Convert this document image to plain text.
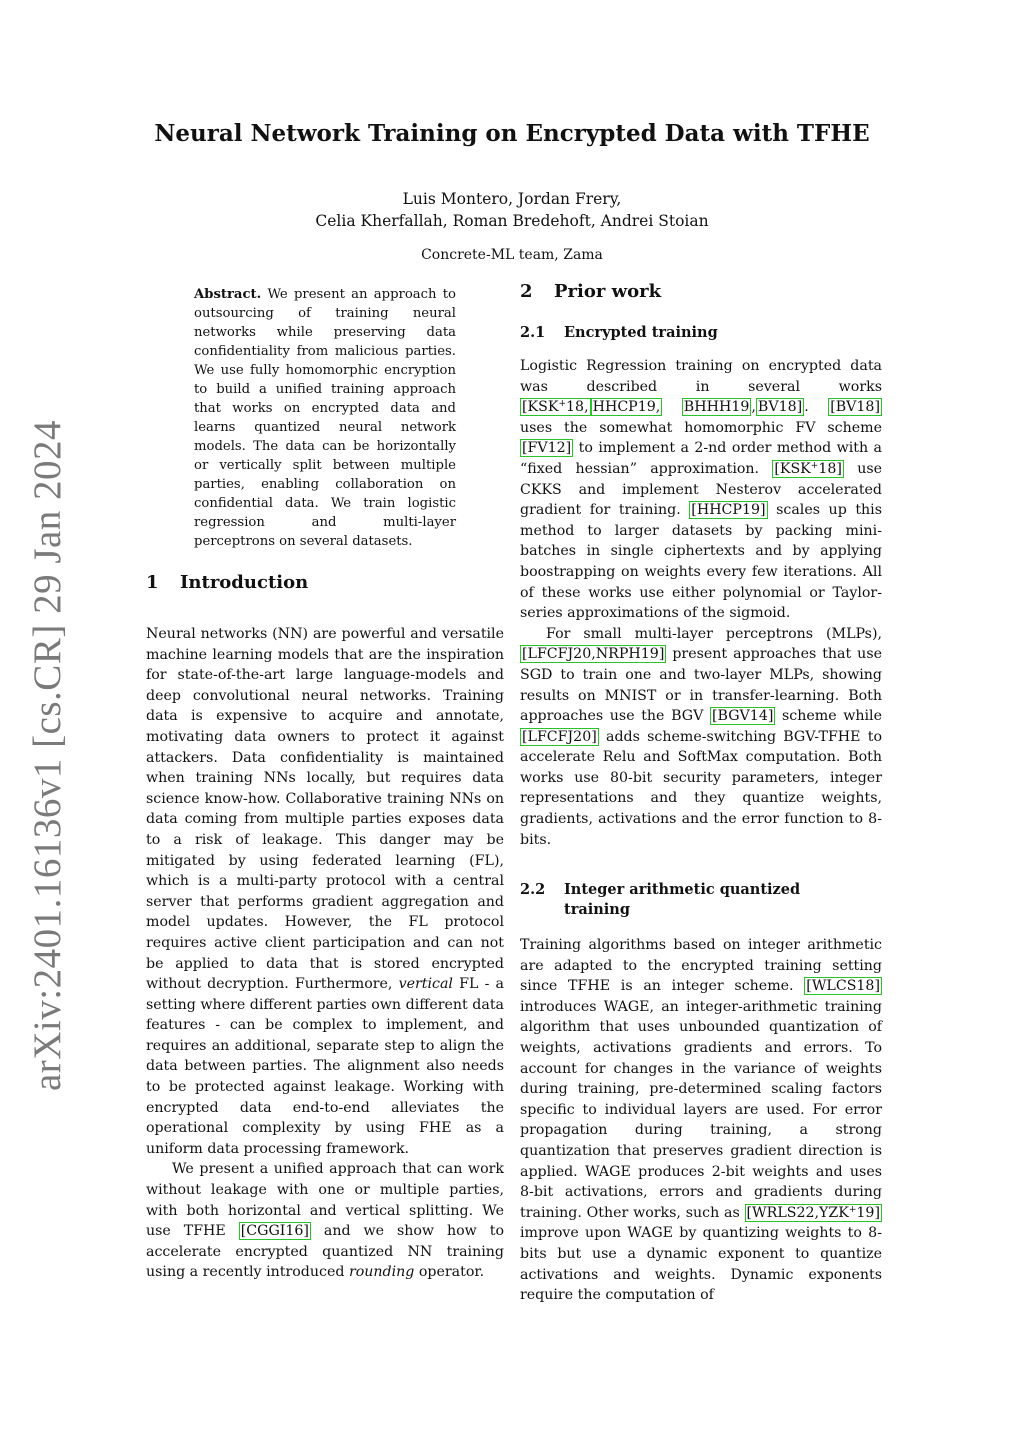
arXiv:2401.16136v1 [cs.CR] 29 Jan 2024
Neural Network Training on Encrypted Data with TFHE
Luis Montero, Jordan Frery,
Celia Kherfallah, Roman Bredehoft, Andrei Stoian
Concrete-ML team, Zama
Abstract. We present an approach to outsourcing of training neural networks while preserving data confidentiality from malicious parties. We use fully homomorphic encryption to build a unified training approach that works on encrypted data and learns quantized neural network models. The data can be horizontally or vertically split between multiple parties, enabling collaboration on confidential data. We train logistic regression and multi-layer perceptrons on several datasets.
1 Introduction

Neural networks (NN) are powerful and versatile machine learning models that are the inspiration for state-of-the-art large language-models and deep convolutional neural networks. Training data is expensive to acquire and annotate, motivating data owners to protect it against attackers. Data confidentiality is maintained when training NNs locally, but requires data science know-how. Collaborative training NNs on data coming from multiple parties exposes data to a risk of leakage. This danger may be mitigated by using federated learning (FL), which is a multi-party protocol with a central server that performs gradient aggregation and model updates. However, the FL protocol requires active client participation and can not be applied to data that is stored encrypted without decryption. Furthermore, vertical FL - a setting where different parties own different data features - can be complex to implement, and requires an additional, separate step to align the data between parties. The alignment also needs to be protected against leakage. Working with encrypted data end-to-end alleviates the operational complexity by using FHE as a uniform data processing framework.

We present a unified approach that can work without leakage with one or multiple parties, with both horizontal and vertical splitting. We use TFHE [CGGI16] and we show how to accelerate encrypted quantized NN training using a recently introduced rounding operator.

2 Prior work
2.1 Encrypted training

Logistic Regression training on encrypted data was described in several works [KSK+18, HHCP19, BHHH19 , BV18] . [BV18] uses the somewhat homomorphic FV scheme [FV12] to implement a 2-nd order method with a “fixed hessian” approximation. [KSK+18] use CKKS and implement Nesterov accelerated gradient for training. [HHCP19] scales up this method to larger datasets by packing mini-batches in single ciphertexts and by applying boostrapping on weights every few iterations. All of these works use either polynomial or Taylor-series approximations of the sigmoid.

For small multi-layer perceptrons (MLPs), [LFCFJ20,NRPH19] present approaches that use SGD to train one and two-layer MLPs, showing results on MNIST or in transfer-learning. Both approaches use the BGV [BGV14] scheme while [LFCFJ20] adds scheme-switching BGV-TFHE to accelerate Relu and SoftMax computation. Both works use 80-bit security parameters, integer representations and they quantize weights, gradients, activations and the error function to 8-bits.

2.2 Integer arithmetic quantized
training

Training algorithms based on integer arithmetic are adapted to the encrypted training setting since TFHE is an integer scheme. [WLCS18] introduces WAGE, an integer-arithmetic training algorithm that uses unbounded quantization of weights, activations gradients and errors. To account for changes in the variance of weights during training, pre-determined scaling factors specific to individual layers are used. For error propagation during training, a strong quantization that preserves gradient direction is applied. WAGE produces 2-bit weights and uses 8-bit activations, errors and gradients during training. Other works, such as [WRLS22,YZK+19] improve upon WAGE by quantizing weights to 8-bits but use a dynamic exponent to quantize activations and weights. Dynamic exponents require the computation of
